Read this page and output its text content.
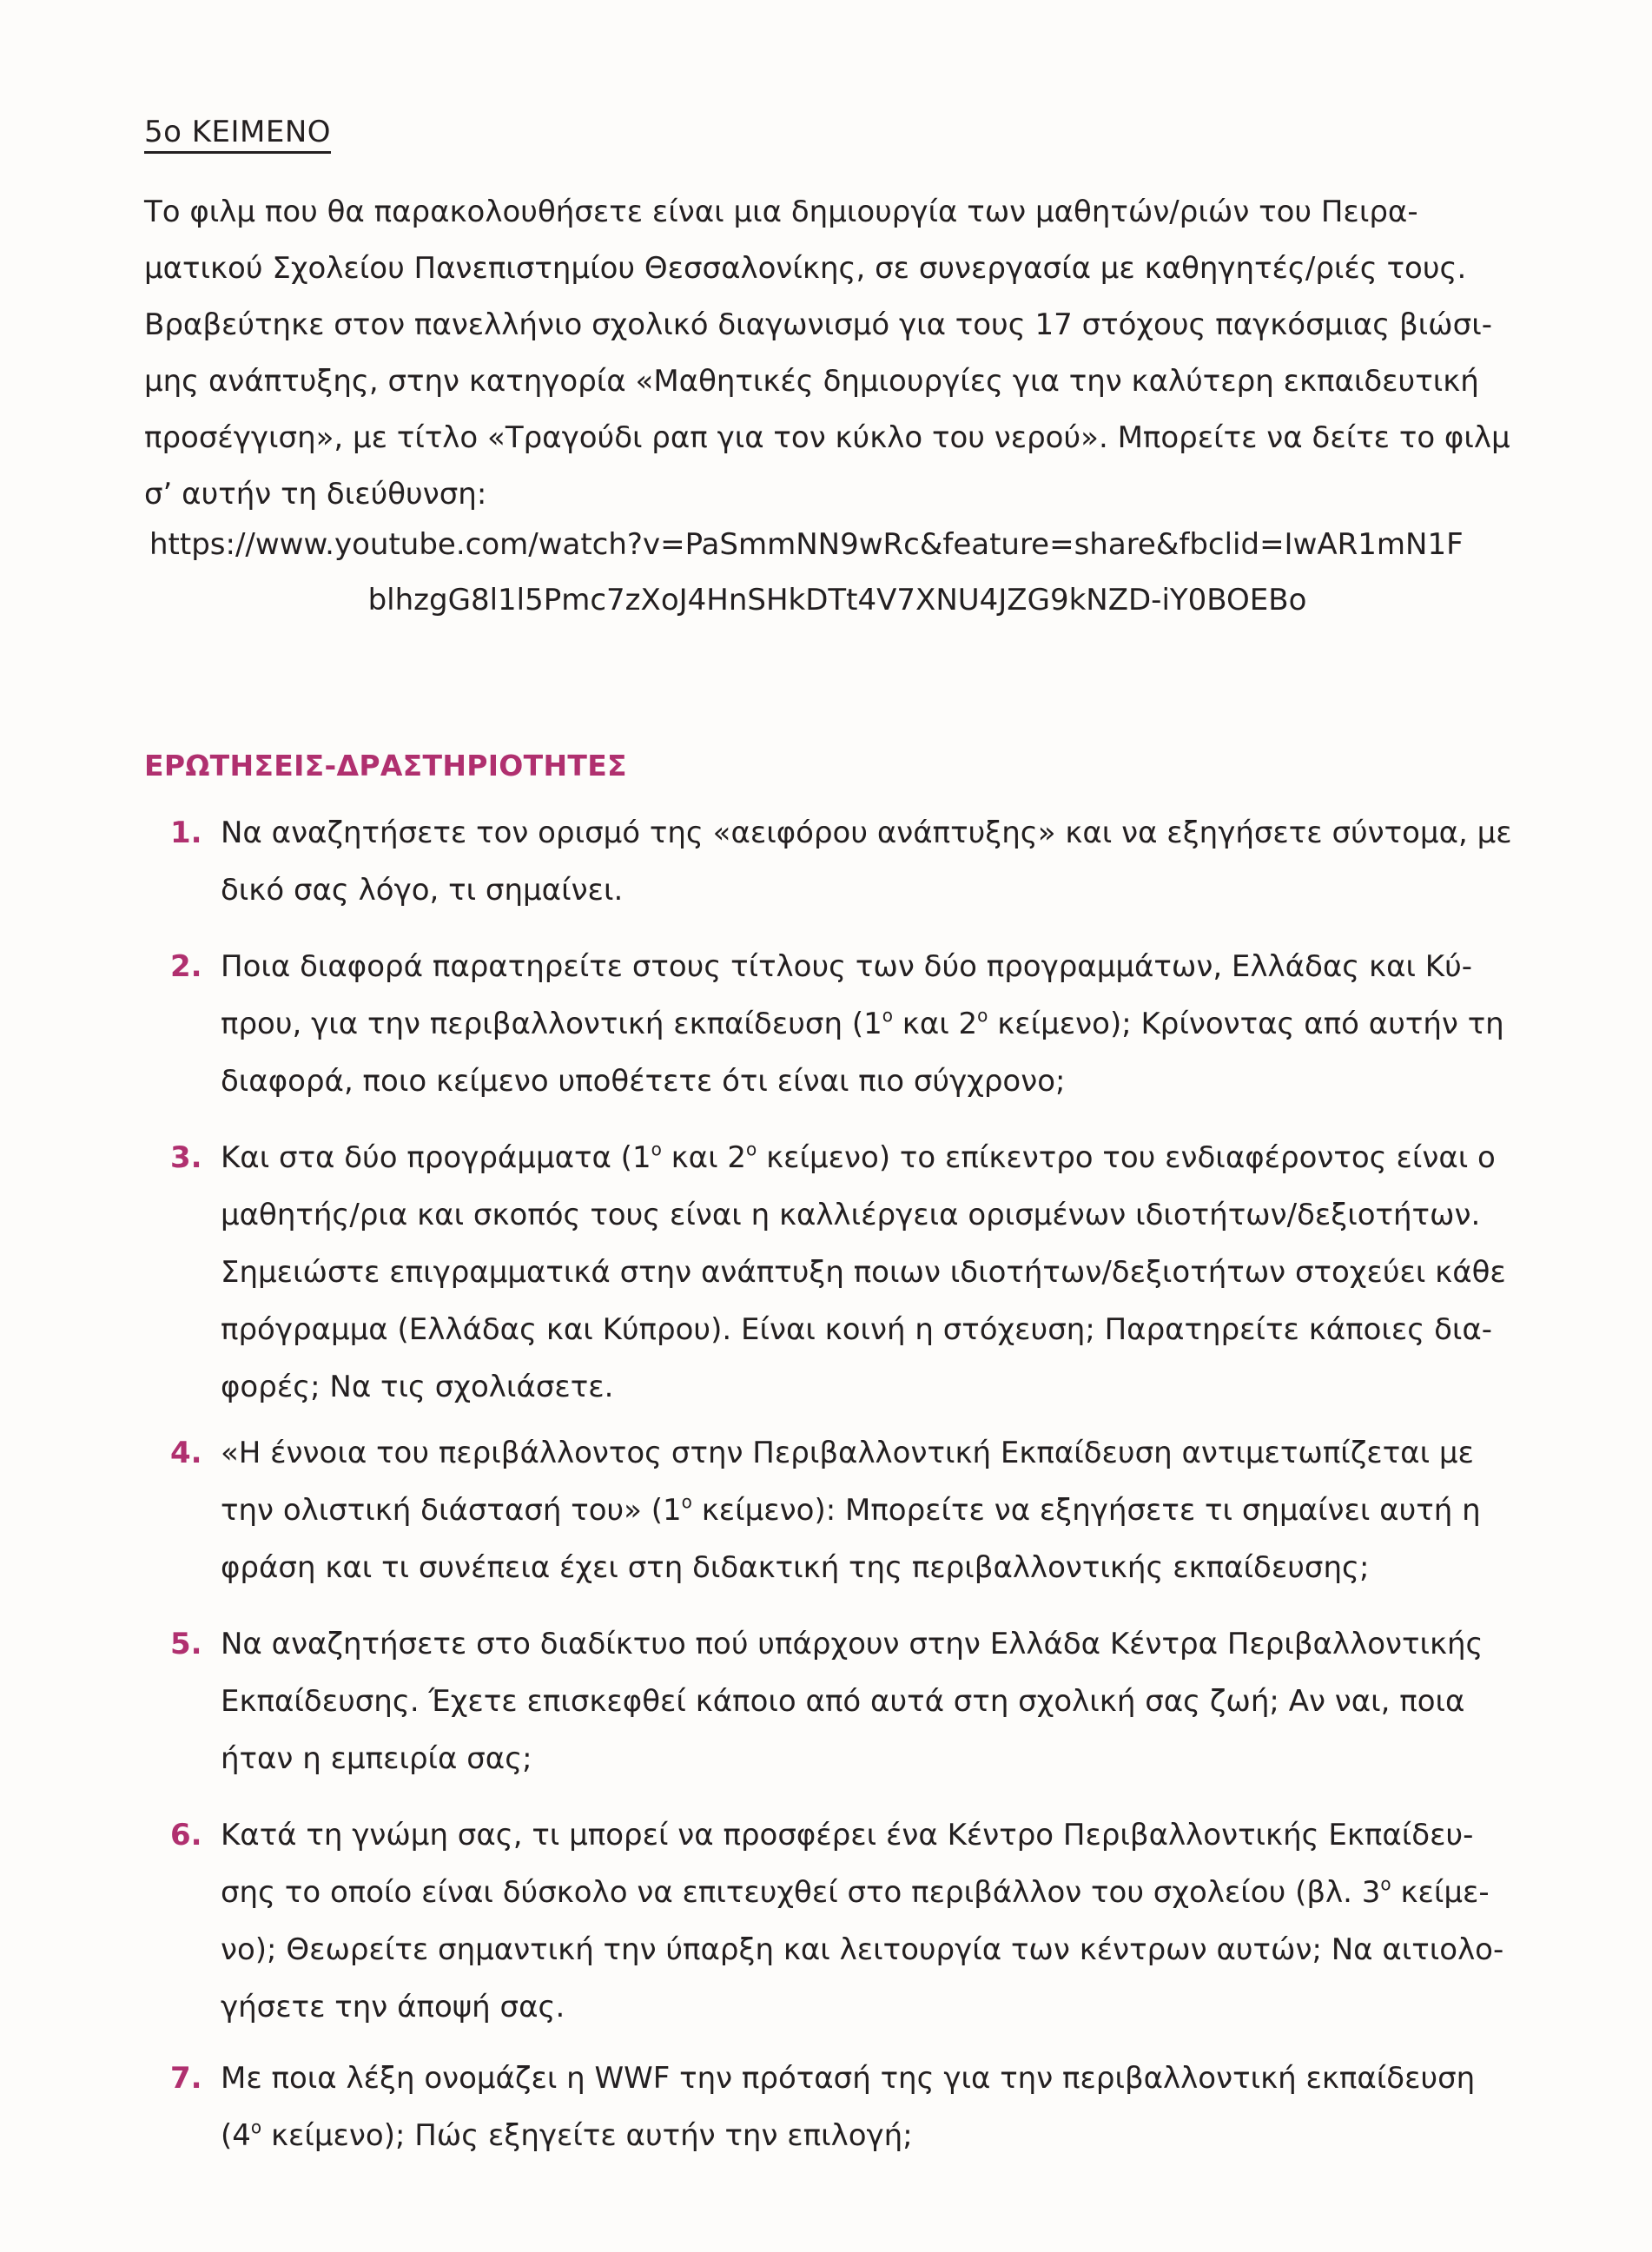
5ο ΚΕΙΜΕΝΟ

Το φιλμ που θα παρακολουθήσετε είναι μια δημιουργία των μαθητών/ριών του Πειρα-
ματικού Σχολείου Πανεπιστημίου Θεσσαλονίκης, σε συνεργασία με καθηγητές/ριές τους.
Βραβεύτηκε στον πανελλήνιο σχολικό διαγωνισμό για τους 17 στόχους παγκόσμιας βιώσι-
μης ανάπτυξης, στην κατηγορία «Μαθητικές δημιουργίες για την καλύτερη εκπαιδευτική
προσέγγιση», με τίτλο «Τραγούδι ραπ για τον κύκλο του νερού». Μπορείτε να δείτε το φιλμ
σ’ αυτήν τη διεύθυνση:

https://www.youtube.com/watch?v=PaSmmNN9wRc&feature=share&fbclid=IwAR1mN1F
blhzgG8l1l5Pmc7zXoJ4HnSHkDTt4V7XNU4JZG9kNZD-iY0BOEBo

ΕΡΩΤΗΣΕΙΣ-ΔΡΑΣΤΗΡΙΟΤΗΤΕΣ
1. Να αναζητήσετε τον ορισμό της «αειφόρου ανάπτυξης» και να εξηγήσετε σύντομα, με
δικό σας λόγο, τι σημαίνει.
2. Ποια διαφορά παρατηρείτε στους τίτλους των δύο προγραμμάτων, Ελλάδας και Κύ-
πρου, για την περιβαλλοντική εκπαίδευση ($1^o$ και $2^o$ κείμενο); Κρίνοντας από αυτήν τη
διαφορά, ποιο κείμενο υποθέτετε ότι είναι πιο σύγχρονο;
3. Και στα δύο προγράμματα ($1^o$ και $2^o$ κείμενο) το επίκεντρο του ενδιαφέροντος είναι ο
μαθητής/ρια και σκοπός τους είναι η καλλιέργεια ορισμένων ιδιοτήτων/δεξιοτήτων.
Σημειώστε επιγραμματικά στην ανάπτυξη ποιων ιδιοτήτων/δεξιοτήτων στοχεύει κάθε
πρόγραμμα (Ελλάδας και Κύπρου). Είναι κοινή η στόχευση; Παρατηρείτε κάποιες δια-
φορές; Να τις σχολιάσετε.
4. «Η έννοια του περιβάλλοντος στην Περιβαλλοντική Εκπαίδευση αντιμετωπίζεται με
την ολιστική διάστασή του» ($1^o$ κείμενο): Μπορείτε να εξηγήσετε τι σημαίνει αυτή η
φράση και τι συνέπεια έχει στη διδακτική της περιβαλλοντικής εκπαίδευσης;
5. Να αναζητήσετε στο διαδίκτυο πού υπάρχουν στην Ελλάδα Κέντρα Περιβαλλοντικής
Εκπαίδευσης. Έχετε επισκεφθεί κάποιο από αυτά στη σχολική σας ζωή; Αν ναι, ποια
ήταν η εμπειρία σας;
6. Κατά τη γνώμη σας, τι μπορεί να προσφέρει ένα Κέντρο Περιβαλλοντικής Εκπαίδευ-
σης το οποίο είναι δύσκολο να επιτευχθεί στο περιβάλλον του σχολείου (βλ. $3^o$ κείμε-
νο); Θεωρείτε σημαντική την ύπαρξη και λειτουργία των κέντρων αυτών; Να αιτιολο-
γήσετε την άποψή σας.
7. Με ποια λέξη ονομάζει η WWF την πρότασή της για την περιβαλλοντική εκπαίδευση
($4^o$ κείμενο); Πώς εξηγείτε αυτήν την επιλογή;
